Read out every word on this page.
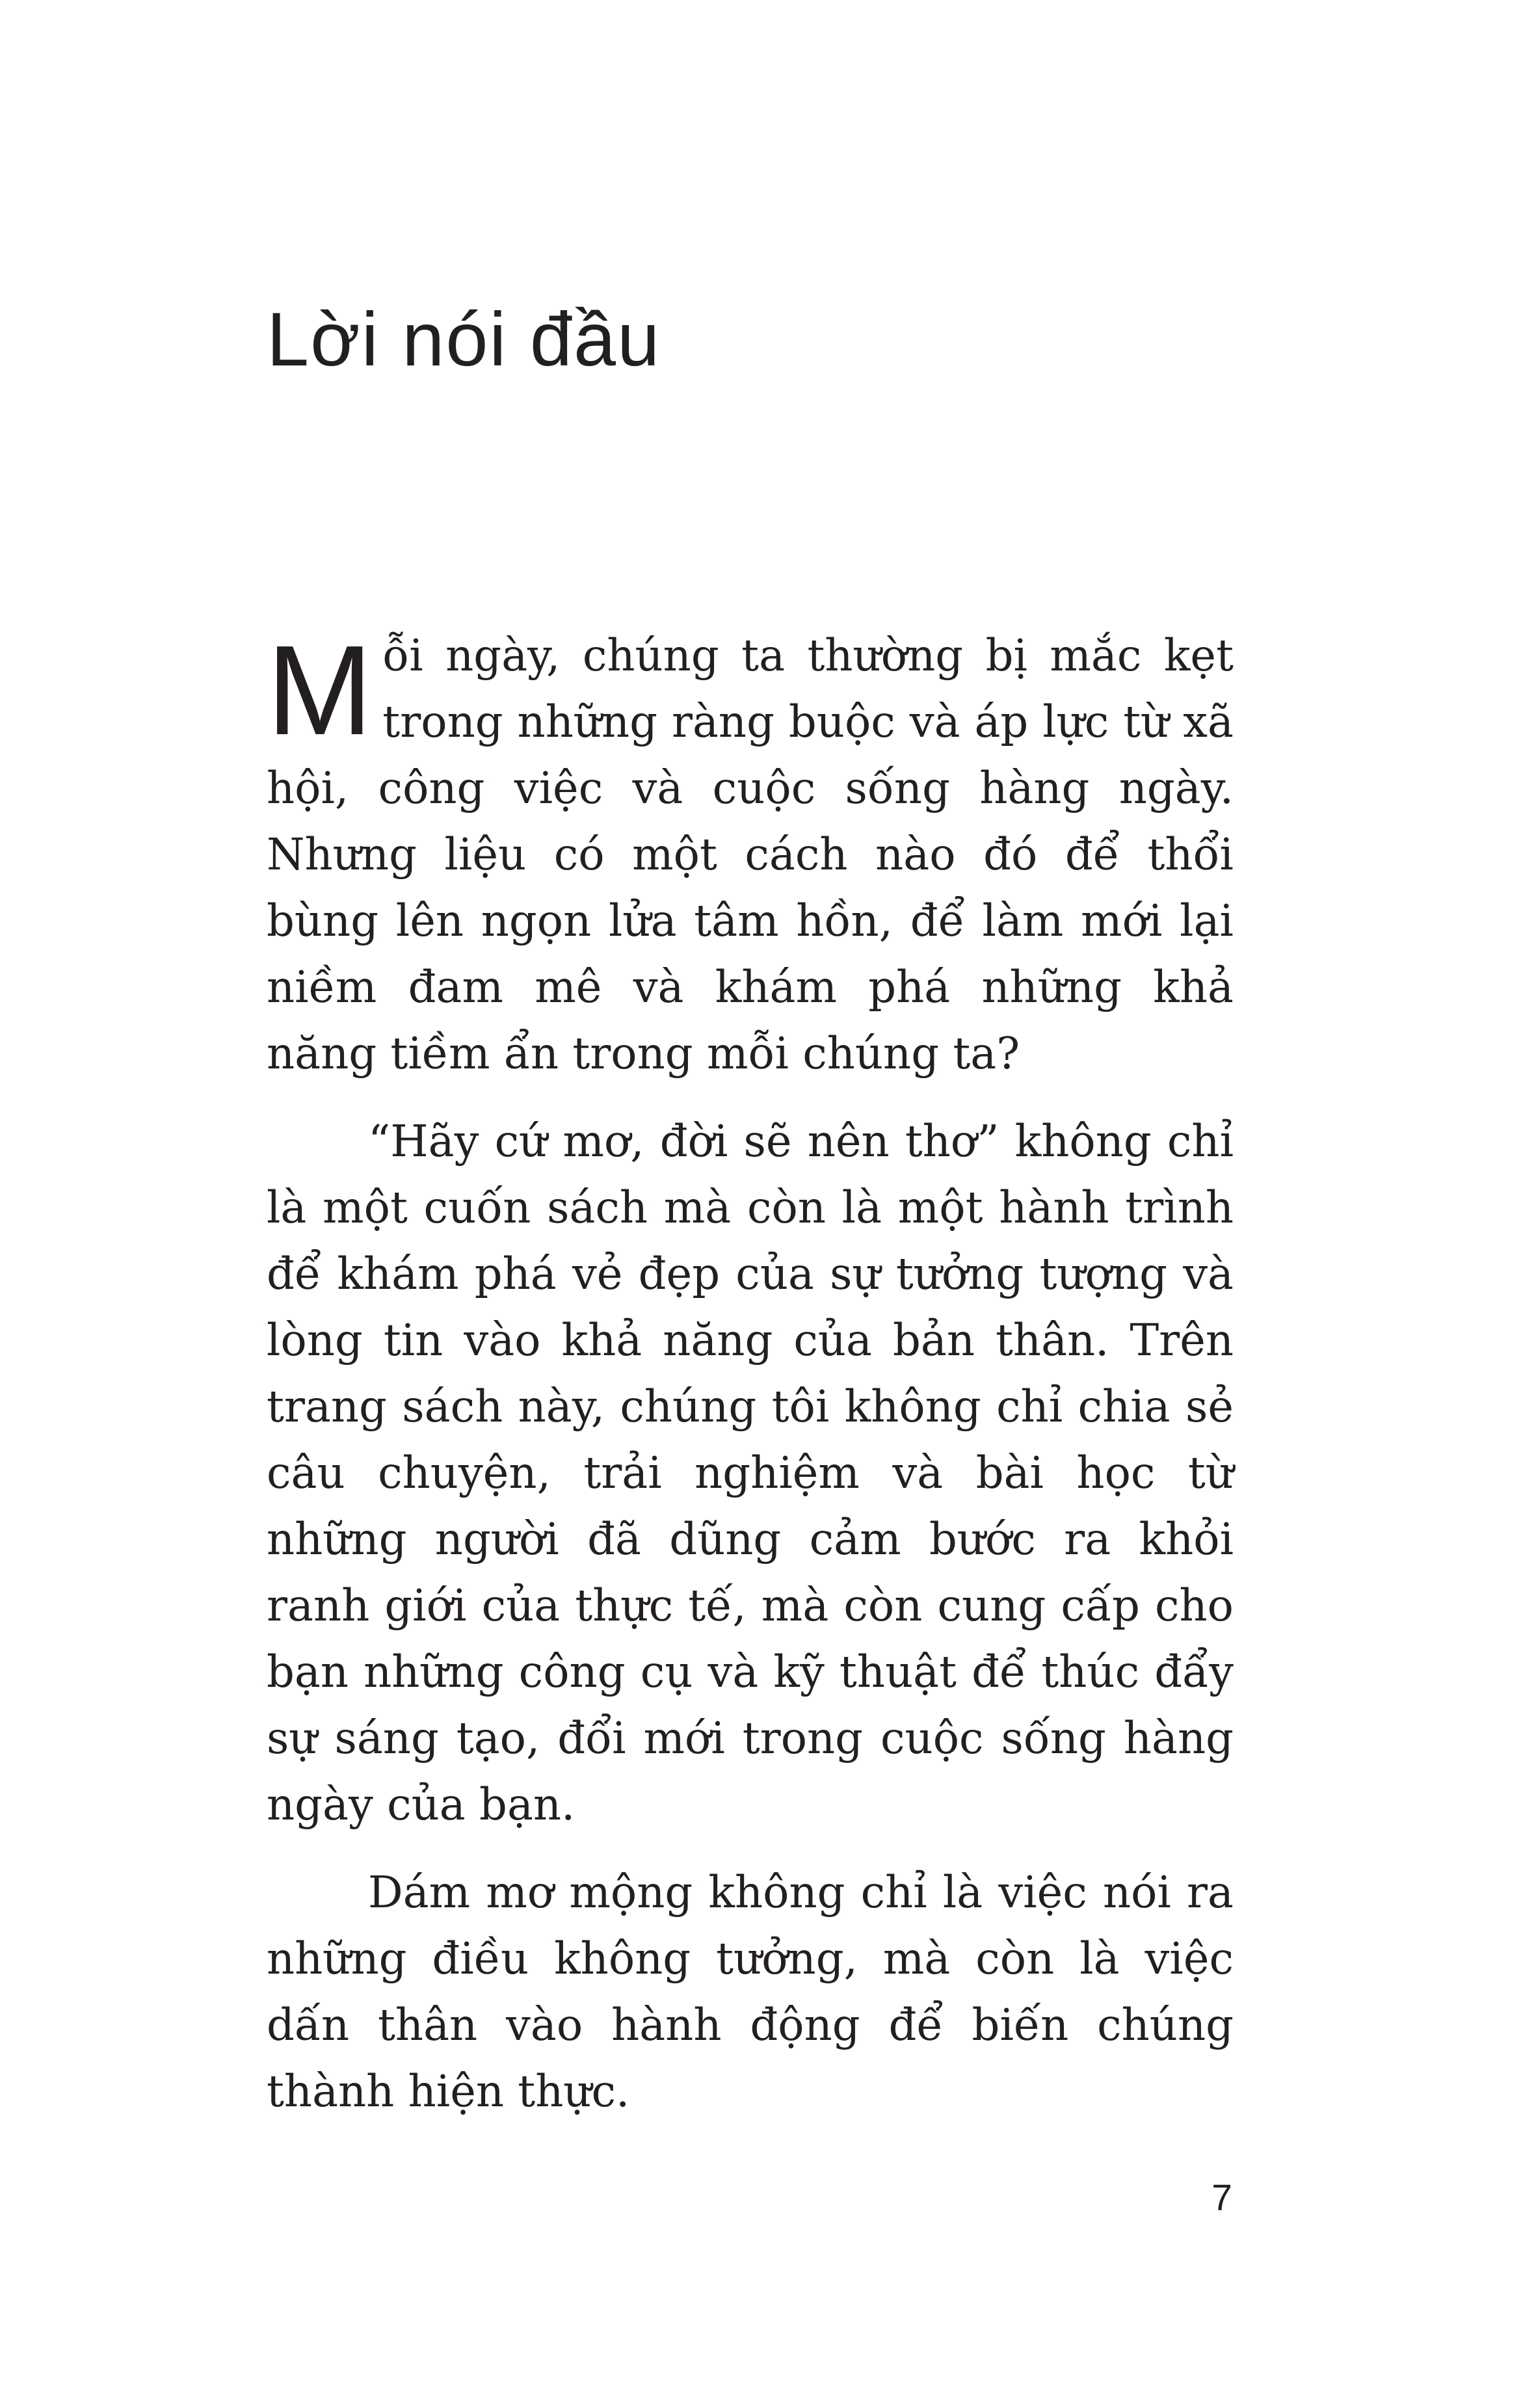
Lời nói đầu

Mỗi ngày, chúng ta thường bị mắc kẹt trong những ràng buộc và áp lực từ xã hội, công việc và cuộc sống hàng ngày. Nhưng liệu có một cách nào đó để thổi bùng lên ngọn lửa tâm hồn, để làm mới lại niềm đam mê và khám phá những khả năng tiềm ẩn trong mỗi chúng ta?

“Hãy cứ mơ, đời sẽ nên thơ” không chỉ là một cuốn sách mà còn là một hành trình để khám phá vẻ đẹp của sự tưởng tượng và lòng tin vào khả năng của bản thân. Trên trang sách này, chúng tôi không chỉ chia sẻ câu chuyện, trải nghiệm và bài học từ những người đã dũng cảm bước ra khỏi ranh giới của thực tế, mà còn cung cấp cho bạn những công cụ và kỹ thuật để thúc đẩy sự sáng tạo, đổi mới trong cuộc sống hàng ngày của bạn.

Dám mơ mộng không chỉ là việc nói ra những điều không tưởng, mà còn là việc dấn thân vào hành động để biến chúng thành hiện thực.

7
